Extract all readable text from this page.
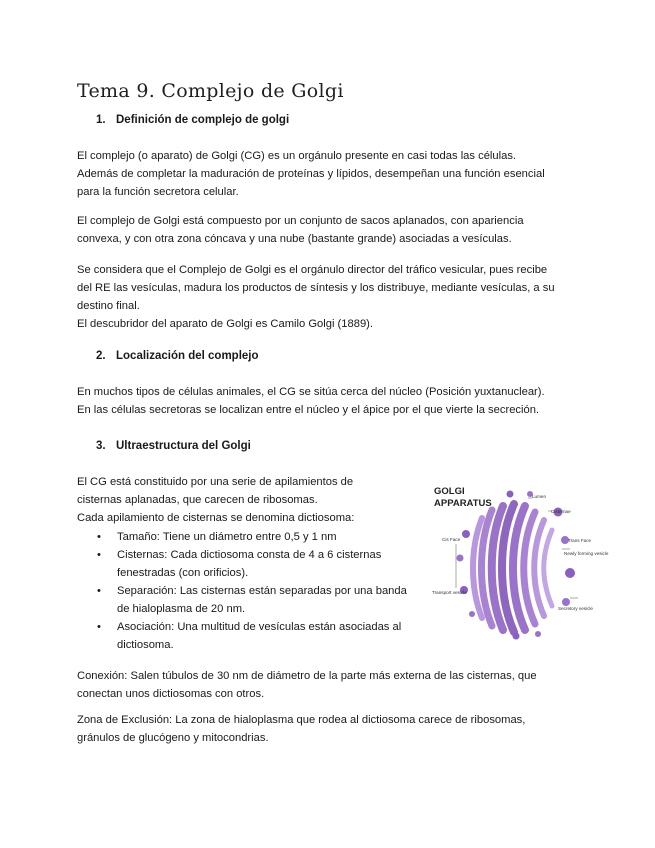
Tema 9. Complejo de Golgi
1. Definición de complejo de golgi

El complejo (o aparato) de Golgi (CG) es un orgánulo presente en casi todas las células.
Además de completar la maduración de proteínas y lípidos, desempeñan una función esencial
para la función secretora celular.

El complejo de Golgi está compuesto por un conjunto de sacos aplanados, con apariencia
convexa, y con otra zona cóncava y una nube (bastante grande) asociadas a vesículas.

Se considera que el Complejo de Golgi es el orgánulo director del tráfico vesicular, pues recibe
del RE las vesículas, madura los productos de síntesis y los distribuye, mediante vesículas, a su
destino final.
El descubridor del aparato de Golgi es Camilo Golgi (1889).

2. Localización del complejo

En muchos tipos de células animales, el CG se sitúa cerca del núcleo (Posición yuxtanuclear).
En las células secretoras se localizan entre el núcleo y el ápice por el que vierte la secreción.

3. Ultraestructura del Golgi

El CG está constituido por una serie de apilamientos de
cisternas aplanadas, que carecen de ribosomas.
Cada apilamiento de cisternas se denomina dictiosoma:

• Tamaño: Tiene un diámetro entre 0,5 y 1 nm
• Cisternas: Cada dictiosoma consta de 4 a 6 cisternas
fenestradas (con orificios).
• Separación: Las cisternas están separadas por una banda
de hialoplasma de 20 nm.
• Asociación: Una multitud de vesículas están asociadas al
dictiosoma.
GOLGI
APPARATUS
Lumen
Cisternae
Cis Face	Trans Face
Newly forming vesicle
Transport vesicle
Secretory vesicle

Conexión: Salen túbulos de 30 nm de diámetro de la parte más externa de las cisternas, que
conectan unos dictiosomas con otros.

Zona de Exclusión: La zona de hialoplasma que rodea al dictiosoma carece de ribosomas,
gránulos de glucógeno y mitocondrias.
